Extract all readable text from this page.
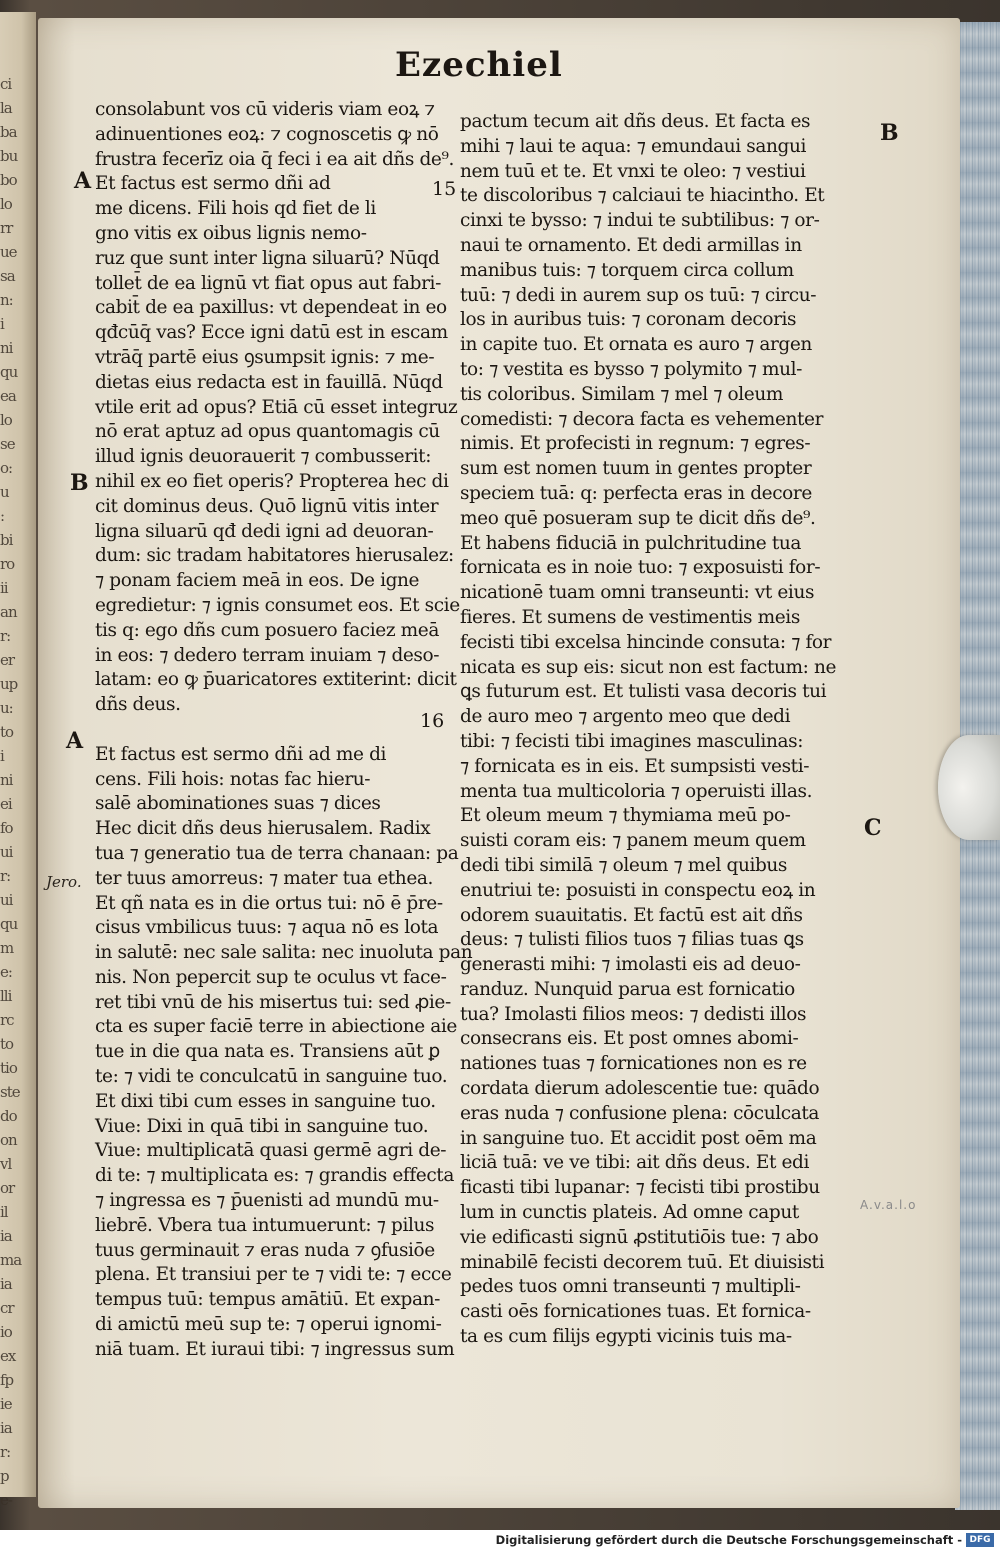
ci
la
ba
bu
bo
lo
rr
ue
sa
n:
i
ni
qu
ea
lo
se
o:
u
:
bi
ro
ii
an
r:
er
up
u:
to
i
ni
ei
fo
ui
r:
ui
qu
m
e:
lli
rc
to
tio
ste
do
on
vl
or
il
ia
ma
ia
cr
io
ex
fp
ie
ia
r:
p
e-
Ezechiel
consolabunt vos cū videris viam eoꝝ ⁊
adinuentiones eoꝝ: ⁊ cognoscetis ꝙ nō
frustra fecerīz oia q̄ feci i ea ait dñs de⁹.
Et factus est sermo dñi ad
me dicens. Fili hois qd fiet de li
gno vitis ex oibus lignis nemo-
ruz que sunt inter ligna siluarū? Nūqd
tollet̄ de ea lignū vt fiat opus aut fabri-
cabit̄ de ea paxillus: vt dependeat in eo
qđcūq̄ vas? Ecce igni datū est in escam
vtrāq̄ partē eius ꝯsumpsit ignis: ⁊ me-
dietas eius redacta est in fauillā. Nūqd
vtile erit ad opus? Etiā cū esset integruz
nō erat aptuz ad opus quantomagis cū
illud ignis deuorauerit ⁊ combusserit:
nihil ex eo fiet operis? Propterea hec di
cit dominus deus. Quō lignū vitis inter
ligna siluarū qđ dedi igni ad deuoran-
dum: sic tradam habitatores hierusalez:
⁊ ponam faciem meā in eos. De igne
egredietur: ⁊ ignis consumet eos. Et scie
tis q: ego dñs cum posuero faciez meā
in eos: ⁊ dedero terram inuiam ⁊ deso-
latam: eo ꝙ p̄uaricatores extiterint: dicit
dñs deus.

Et factus est sermo dñi ad me di
cens. Fili hois: notas fac hieru-
salē abominationes suas ⁊ dices
Hec dicit dñs deus hierusalem. Radix
tua ⁊ generatio tua de terra chanaan: pa
ter tuus amorreus: ⁊ mater tua ethea.
Et qñ nata es in die ortus tui: nō ē p̄re-
cisus vmbilicus tuus: ⁊ aqua nō es lota
in salutē: nec sale salita: nec inuoluta pan
nis. Non pepercit sup te oculus vt face-
ret tibi vnū de his misertus tui: sed ꝓie-
cta es super faciē terre in abiectione aie
tue in die qua nata es. Transiens aūt ꝑ
te: ⁊ vidi te conculcatū in sanguine tuo.
Et dixi tibi cum esses in sanguine tuo.
Viue: Dixi in quā tibi in sanguine tuo.
Viue: multiplicatā quasi germē agri de-
di te: ⁊ multiplicata es: ⁊ grandis effecta
⁊ ingressa es ⁊ p̄uenisti ad mundū mu-
liebrē. Vbera tua intumuerunt: ⁊ pilus
tuus germinauit ⁊ eras nuda ⁊ ꝯfusiōe
plena. Et transiui per te ⁊ vidi te: ⁊ ecce
tempus tuū: tempus amātiū. Et expan-
di amictū meū sup te: ⁊ operui ignomi-
niā tuam. Et iuraui tibi: ⁊ ingressus sum
pactum tecum ait dñs deus. Et facta es
mihi ⁊ laui te aqua: ⁊ emundaui sangui
nem tuū et te. Et vnxi te oleo: ⁊ vestiui
te discoloribus ⁊ calciaui te hiacintho. Et
cinxi te bysso: ⁊ indui te subtilibus: ⁊ or-
naui te ornamento. Et dedi armillas in
manibus tuis: ⁊ torquem circa collum
tuū: ⁊ dedi in aurem sup os tuū: ⁊ circu-
los in auribus tuis: ⁊ coronam decoris
in capite tuo. Et ornata es auro ⁊ argen
to: ⁊ vestita es bysso ⁊ polymito ⁊ mul-
tis coloribus. Similam ⁊ mel ⁊ oleum
comedisti: ⁊ decora facta es vehementer
nimis. Et profecisti in regnum: ⁊ egres-
sum est nomen tuum in gentes propter
speciem tuā: q: perfecta eras in decore
meo quē posueram sup te dicit dñs de⁹.
Et habens fiduciā in pulchritudine tua
fornicata es in noie tuo: ⁊ exposuisti for-
nicationē tuam omni transeunti: vt eius
fieres. Et sumens de vestimentis meis
fecisti tibi excelsa hincinde consuta: ⁊ for
nicata es sup eis: sicut non est factum: ne
ꝗs futurum est. Et tulisti vasa decoris tui
de auro meo ⁊ argento meo que dedi
tibi: ⁊ fecisti tibi imagines masculinas:
⁊ fornicata es in eis. Et sumpsisti vesti-
menta tua multicoloria ⁊ operuisti illas.
Et oleum meum ⁊ thymiama meū po-
suisti coram eis: ⁊ panem meum quem
dedi tibi similā ⁊ oleum ⁊ mel quibus
enutriui te: posuisti in conspectu eoꝝ in
odorem suauitatis. Et factū est ait dñs
deus: ⁊ tulisti filios tuos ⁊ filias tuas ꝗs
generasti mihi: ⁊ imolasti eis ad deuo-
randuz. Nunquid parua est fornicatio
tua? Imolasti filios meos: ⁊ dedisti illos
consecrans eis. Et post omnes abomi-
nationes tuas ⁊ fornicationes non es re
cordata dierum adolescentie tue: quādo
eras nuda ⁊ confusione plena: cōculcata
in sanguine tuo. Et accidit post oēm ma
liciā tuā: ve ve tibi: ait dñs deus. Et edi
ficasti tibi lupanar: ⁊ fecisti tibi prostibu
lum in cunctis plateis. Ad omne caput
vie edificasti signū ꝓstitutiōis tue: ⁊ abo
minabilē fecisti decorem tuū. Et diuisisti
pedes tuos omni transeunti ⁊ multipli-
casti oēs fornicationes tuas. Et fornica-
ta es cum filijs egypti vicinis tuis ma-
15
16
A
B
A
Jero.
B
C
A.v.a.l.o
Digitalisierung gefördert durch die Deutsche Forschungsgemeinschaft - DFG
